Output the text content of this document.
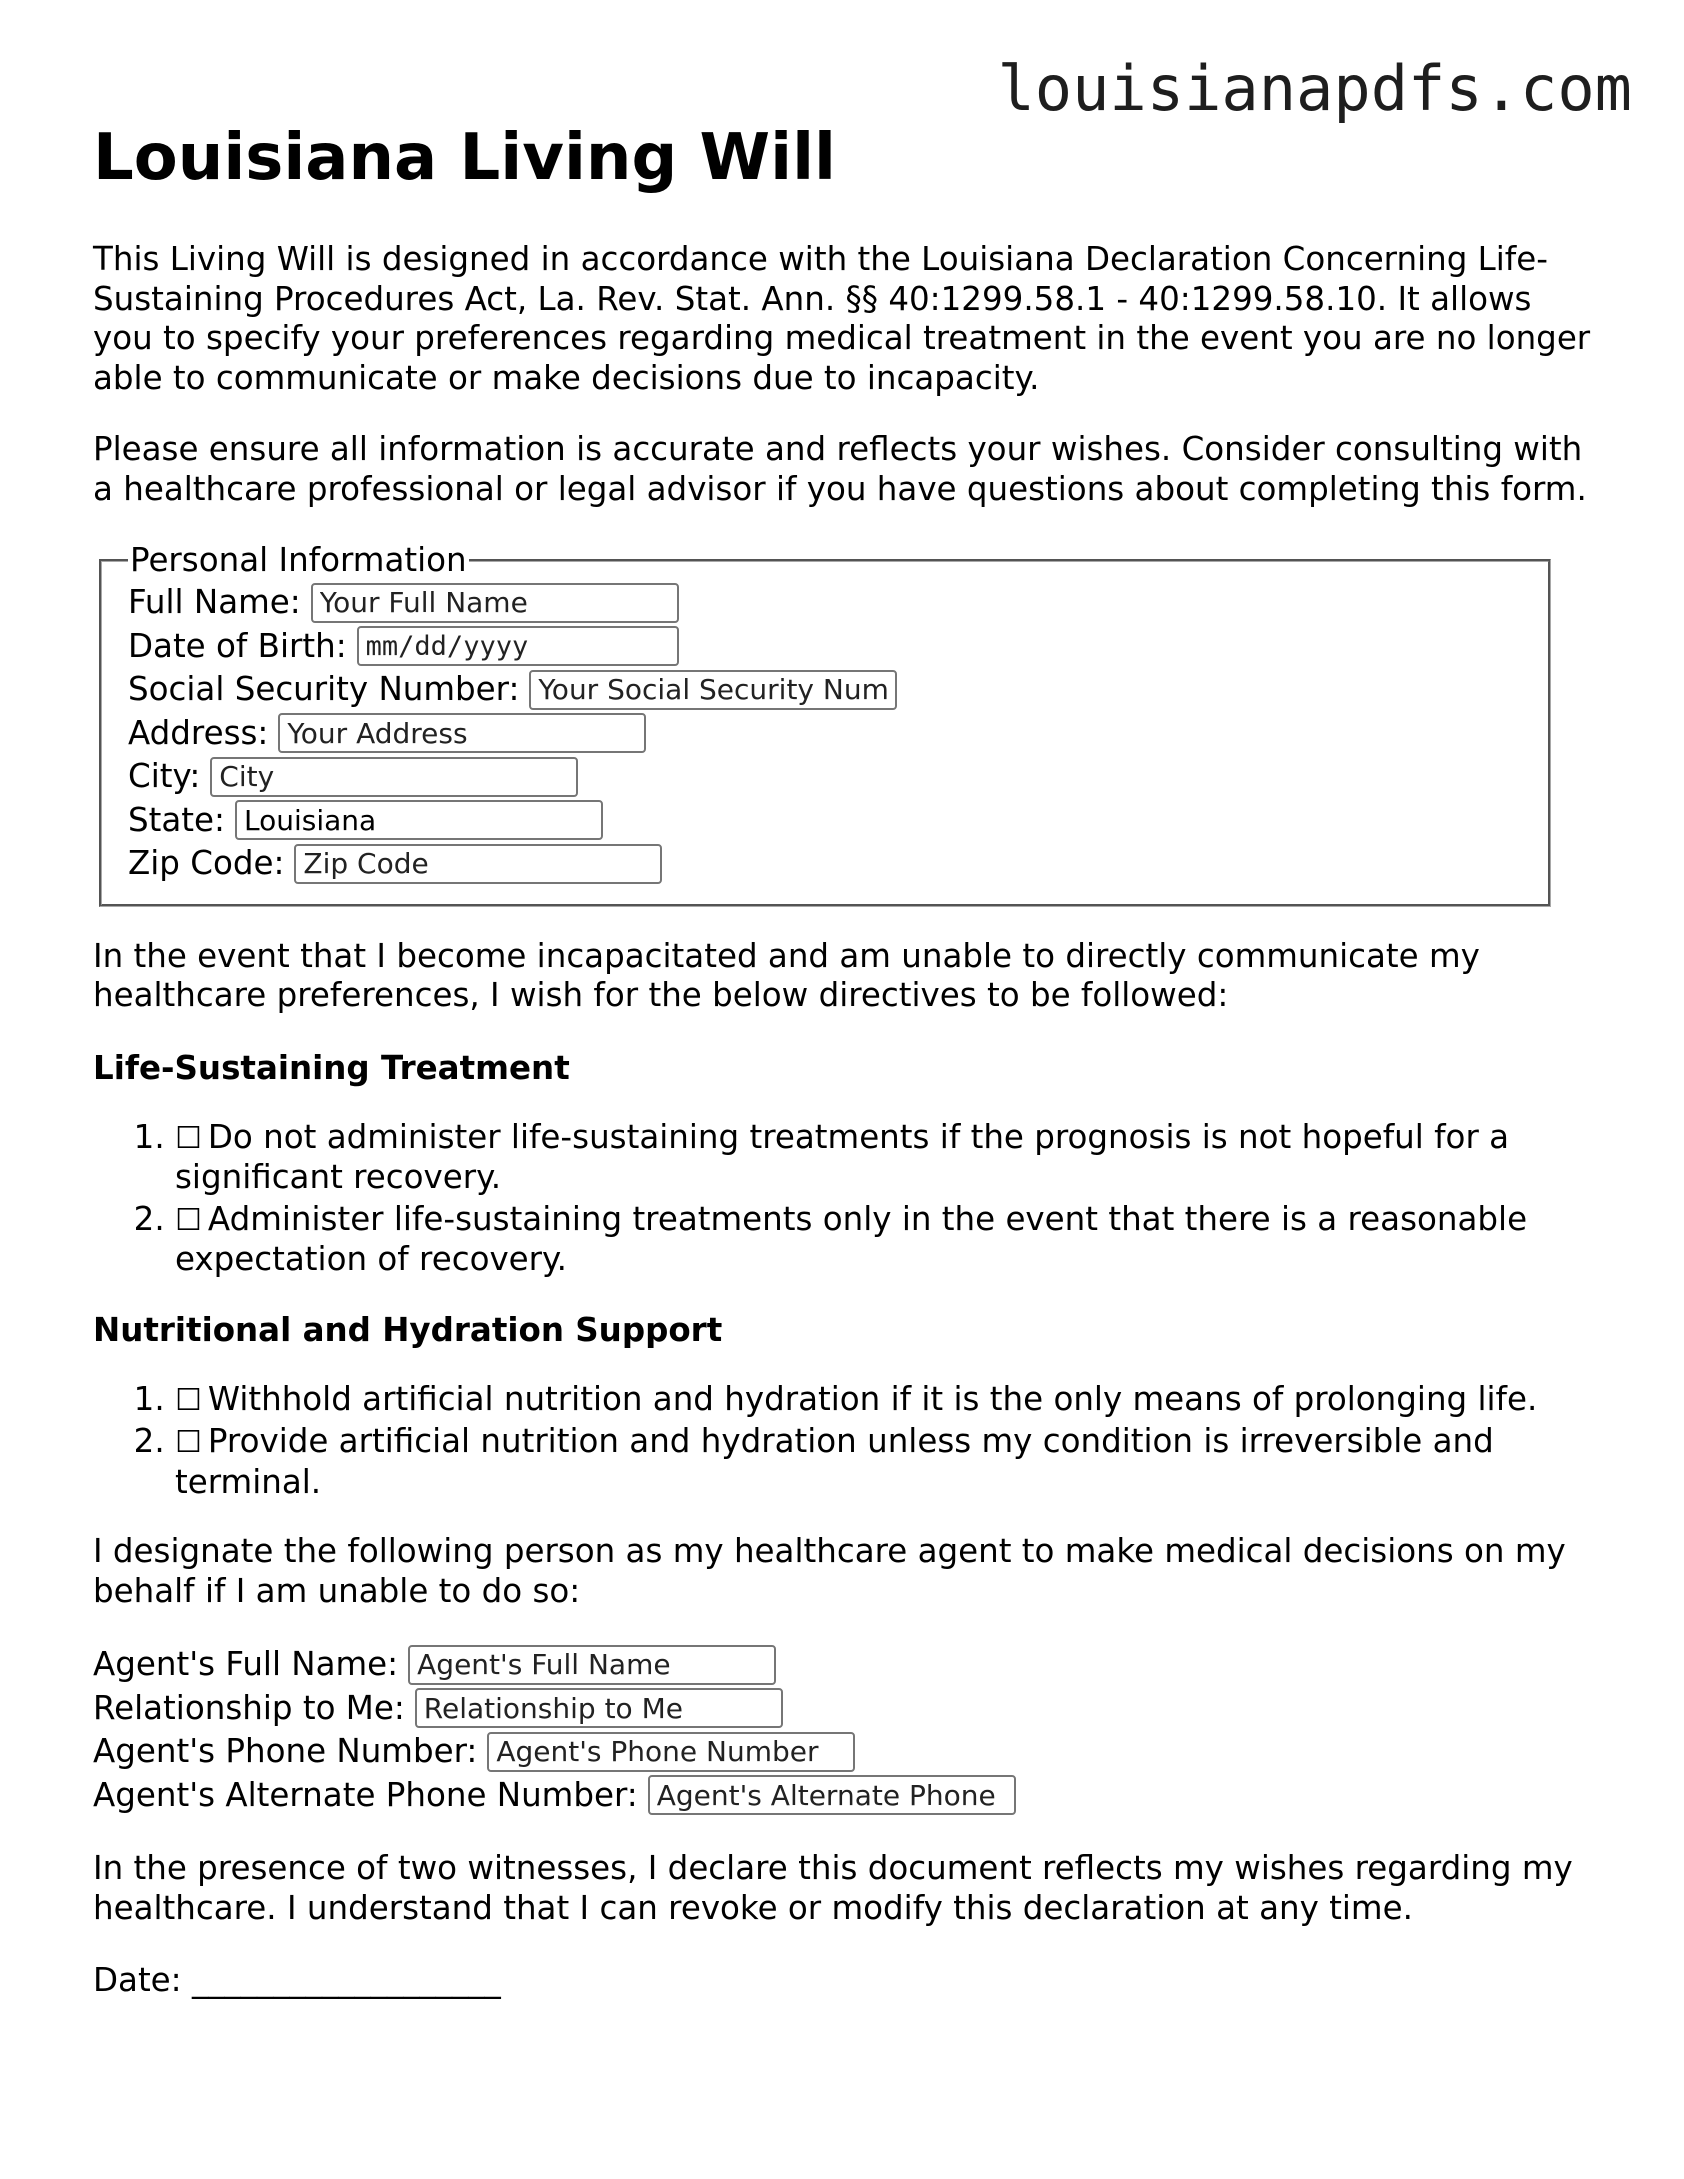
louisianapdfs.com
Louisiana Living Will

This Living Will is designed in accordance with the Louisiana Declaration Concerning Life-Sustaining Procedures Act, La. Rev. Stat. Ann. §§ 40:1299.58.1 - 40:1299.58.10. It allows you to specify your preferences regarding medical treatment in the event you are no longer able to communicate or make decisions due to incapacity.

Please ensure all information is accurate and reflects your wishes. Consider consulting with a healthcare professional or legal advisor if you have questions about completing this form.

Personal Information
Full Name:
Your Full Name
Date of Birth:
mm/dd/yyyy
Social Security Number:
Your Social Security Number
Address:
Your Address
City:
City
State:
Louisiana
Zip Code:
Zip Code

In the event that I become incapacitated and am unable to directly communicate my healthcare preferences, I wish for the below directives to be followed:

Life-Sustaining Treatment
1. ☐ Do not administer life-sustaining treatments if the prognosis is not hopeful for a significant recovery.
2. ☐ Administer life-sustaining treatments only in the event that there is a reasonable expectation of recovery.
Nutritional and Hydration Support
1. ☐ Withhold artificial nutrition and hydration if it is the only means of prolonging life.
2. ☐ Provide artificial nutrition and hydration unless my condition is irreversible and terminal.

I designate the following person as my healthcare agent to make medical decisions on my behalf if I am unable to do so:

Agent's Full Name:
Agent's Full Name
Relationship to Me:
Relationship to Me
Agent's Phone Number:
Agent's Phone Number
Agent's Alternate Phone Number:
Agent's Alternate Phone Number

In the presence of two witnesses, I declare this document reflects my wishes regarding my healthcare. I understand that I can revoke or modify this declaration at any time.

Date: ___________________
